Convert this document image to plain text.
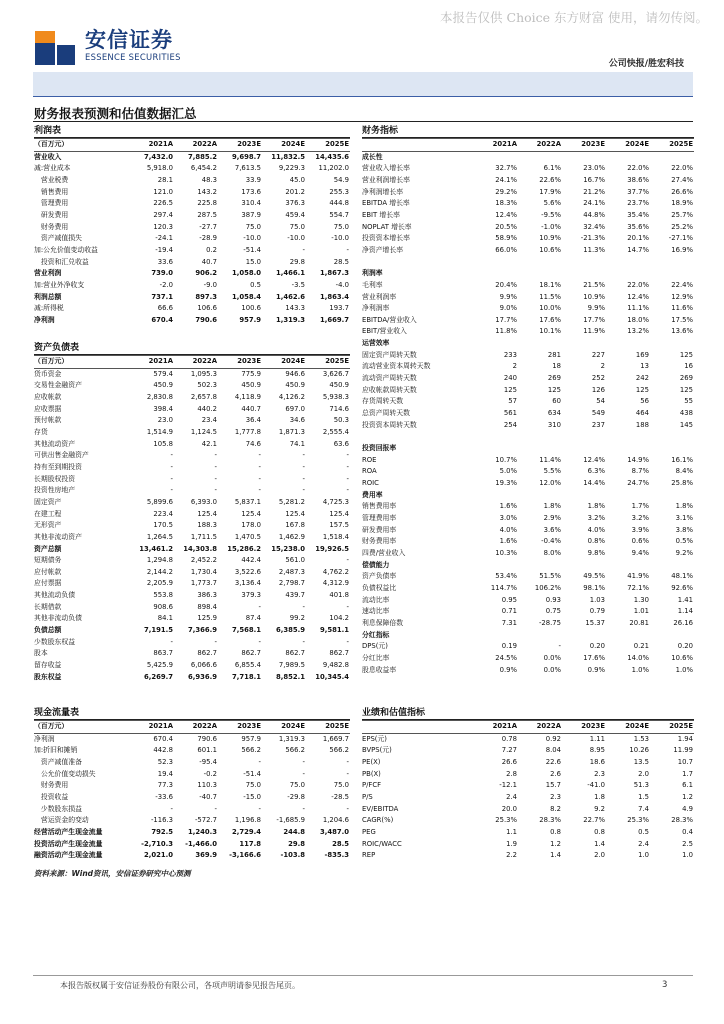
本报告仅供 Choice 东方财富 使用，请勿传阅。
安信证券
ESSENCE SECURITIES
公司快报/胜宏科技
财务报表预测和估值数据汇总
利润表
（百万元）	2021A	2022A	2023E	2024E	2025E
营业收入	7,432.0	7,885.2	9,698.7	11,832.5	14,435.6
减:营业成本	5,918.0	6,454.2	7,613.5	9,229.3	11,202.0
　营业税费	28.1	48.3	33.9	45.0	54.9
　销售费用	121.0	143.2	173.6	201.2	255.3
　管理费用	226.5	225.8	310.4	376.3	444.8
　研发费用	297.4	287.5	387.9	459.4	554.7
　财务费用	120.3	-27.7	75.0	75.0	75.0
　资产减值损失	-24.1	-28.9	-10.0	-10.0	-10.0
加:公允价值变动收益	-19.4	0.2	-51.4	-	-
　投资和汇兑收益	33.6	40.7	15.0	29.8	28.5
营业利润	739.0	906.2	1,058.0	1,466.1	1,867.3
加:营业外净收支	-2.0	-9.0	0.5	-3.5	-4.0
利润总额	737.1	897.3	1,058.4	1,462.6	1,863.4
减:所得税	66.6	106.6	100.6	143.3	193.7
净利润	670.4	790.6	957.9	1,319.3	1,669.7
资产负债表
（百万元）	2021A	2022A	2023E	2024E	2025E
货币资金	579.4	1,095.3	775.9	946.6	3,626.7
交易性金融资产	450.9	502.3	450.9	450.9	450.9
应收帐款	2,830.8	2,657.8	4,118.9	4,126.2	5,938.3
应收票据	398.4	440.2	440.7	697.0	714.6
预付帐款	23.0	23.4	36.4	34.6	50.3
存货	1,514.9	1,124.5	1,777.8	1,871.3	2,555.4
其他流动资产	105.8	42.1	74.6	74.1	63.6
可供出售金融资产	-	-	-	-	-
持有至到期投资	-	-	-	-	-
长期股权投资	-	-	-	-	-
投资性房地产	-	-	-	-	-
固定资产	5,899.6	6,393.0	5,837.1	5,281.2	4,725.3
在建工程	223.4	125.4	125.4	125.4	125.4
无形资产	170.5	188.3	178.0	167.8	157.5
其他非流动资产	1,264.5	1,711.5	1,470.5	1,462.9	1,518.4
资产总额	13,461.2	14,303.8	15,286.2	15,238.0	19,926.5
短期债务	1,294.8	2,452.2	442.4	561.0	-
应付帐款	2,144.2	1,730.4	3,522.6	2,487.3	4,762.2
应付票据	2,205.9	1,773.7	3,136.4	2,798.7	4,312.9
其他流动负债	553.8	386.3	379.3	439.7	401.8
长期借款	908.6	898.4	-	-	-
其他非流动负债	84.1	125.9	87.4	99.2	104.2
负债总额	7,191.5	7,366.9	7,568.1	6,385.9	9,581.1
少数股东权益	-	-	-	-	-
股本	863.7	862.7	862.7	862.7	862.7
留存收益	5,425.9	6,066.6	6,855.4	7,989.5	9,482.8
股东权益	6,269.7	6,936.9	7,718.1	8,852.1	10,345.4
现金流量表
（百万元）	2021A	2022A	2023E	2024E	2025E
净利润	670.4	790.6	957.9	1,319.3	1,669.7
加:折旧和摊销	442.8	601.1	566.2	566.2	566.2
　资产减值准备	52.3	-95.4	-	-	-
　公允价值变动损失	19.4	-0.2	-51.4	-	-
　财务费用	77.3	110.3	75.0	75.0	75.0
　投资收益	-33.6	-40.7	-15.0	-29.8	-28.5
　少数股东损益	-	-	-	-	-
　营运资金的变动	-116.3	-572.7	1,196.8	-1,685.9	1,204.6
经营活动产生现金流量	792.5	1,240.3	2,729.4	244.8	3,487.0
投资活动产生现金流量	-2,710.3	-1,466.0	117.8	29.8	28.5
融资活动产生现金流量	2,021.0	369.9	-3,166.6	-103.8	-835.3
财务指标
	2021A	2022A	2023E	2024E	2025E
成长性					
营业收入增长率	32.7%	6.1%	23.0%	22.0%	22.0%
营业利润增长率	24.1%	22.6%	16.7%	38.6%	27.4%
净利润增长率	29.2%	17.9%	21.2%	37.7%	26.6%
EBITDA 增长率	18.3%	5.6%	24.1%	23.7%	18.9%
EBIT 增长率	12.4%	-9.5%	44.8%	35.4%	25.7%
NOPLAT 增长率	20.5%	-1.0%	32.4%	35.6%	25.2%
投资资本增长率	58.9%	10.9%	-21.3%	20.1%	-27.1%
净资产增长率	66.0%	10.6%	11.3%	14.7%	16.9%

利润率					
毛利率	20.4%	18.1%	21.5%	22.0%	22.4%
营业利润率	9.9%	11.5%	10.9%	12.4%	12.9%
净利润率	9.0%	10.0%	9.9%	11.1%	11.6%
EBITDA/营业收入	17.7%	17.6%	17.7%	18.0%	17.5%
EBIT/营业收入	11.8%	10.1%	11.9%	13.2%	13.6%
运营效率					
固定资产周转天数	233	281	227	169	125
流动营业资本周转天数	2	18	2	13	16
流动资产周转天数	240	269	252	242	269
应收帐款周转天数	125	125	126	125	125
存货周转天数	57	60	54	56	55
总资产周转天数	561	634	549	464	438
投资资本周转天数	254	310	237	188	145

投资回报率					
ROE	10.7%	11.4%	12.4%	14.9%	16.1%
ROA	5.0%	5.5%	6.3%	8.7%	8.4%
ROIC	19.3%	12.0%	14.4%	24.7%	25.8%
费用率					
销售费用率	1.6%	1.8%	1.8%	1.7%	1.8%
管理费用率	3.0%	2.9%	3.2%	3.2%	3.1%
研发费用率	4.0%	3.6%	4.0%	3.9%	3.8%
财务费用率	1.6%	-0.4%	0.8%	0.6%	0.5%
四费/营业收入	10.3%	8.0%	9.8%	9.4%	9.2%
偿债能力					
资产负债率	53.4%	51.5%	49.5%	41.9%	48.1%
负债权益比	114.7%	106.2%	98.1%	72.1%	92.6%
流动比率	0.95	0.93	1.03	1.30	1.41
速动比率	0.71	0.75	0.79	1.01	1.14
利息保障倍数	7.31	-28.75	15.37	20.81	26.16
分红指标					
DPS(元)	0.19	-	0.20	0.21	0.20
分红比率	24.5%	0.0%	17.6%	14.0%	10.6%
股息收益率	0.9%	0.0%	0.9%	1.0%	1.0%
业绩和估值指标
	2021A	2022A	2023E	2024E	2025E
EPS(元)	0.78	0.92	1.11	1.53	1.94
BVPS(元)	7.27	8.04	8.95	10.26	11.99
PE(X)	26.6	22.6	18.6	13.5	10.7
PB(X)	2.8	2.6	2.3	2.0	1.7
P/FCF	-12.1	15.7	-41.0	51.3	6.1
P/S	2.4	2.3	1.8	1.5	1.2
EV/EBITDA	20.0	8.2	9.2	7.4	4.9
CAGR(%)	25.3%	28.3%	22.7%	25.3%	28.3%
PEG	1.1	0.8	0.8	0.5	0.4
ROIC/WACC	1.9	1.2	1.4	2.4	2.5
REP	2.2	1.4	2.0	1.0	1.0
资料来源：Wind资讯，安信证券研究中心预测
本报告版权属于安信证券股份有限公司，各项声明请参见报告尾页。	3
